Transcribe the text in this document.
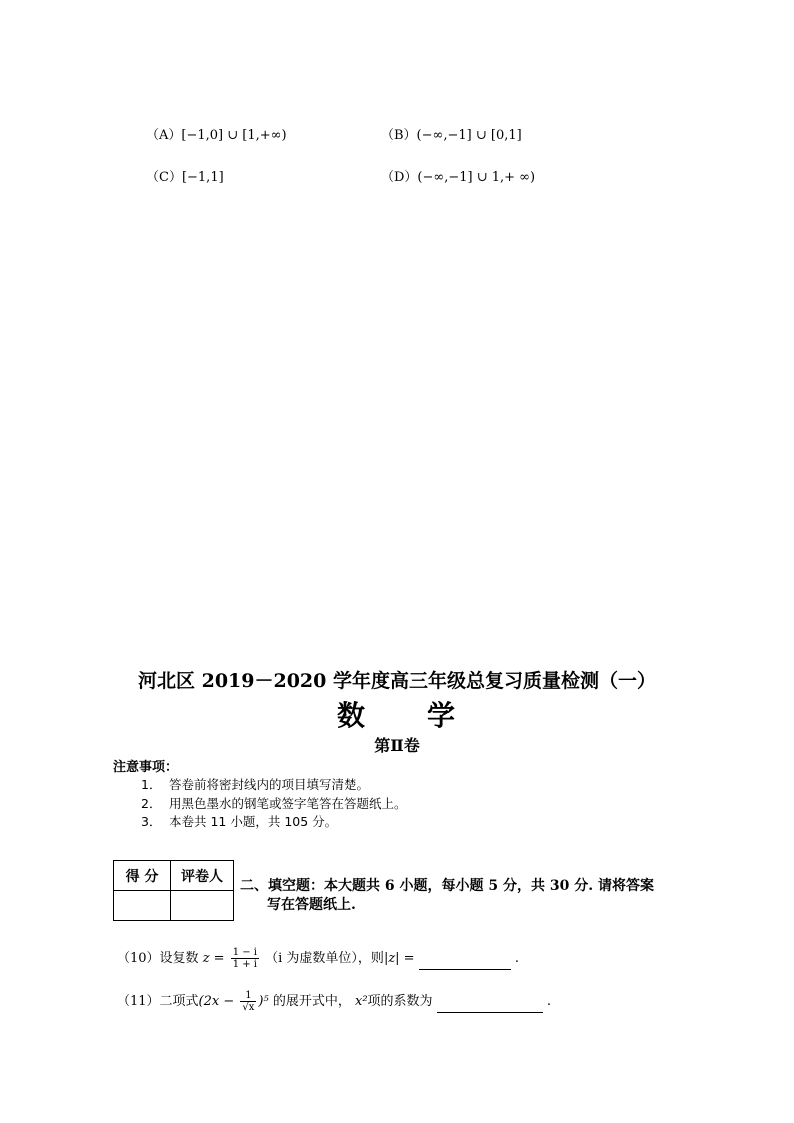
（A）[−1,0] ∪ [1,+∞)	（B）(−∞,−1] ∪ [0,1]
（C）[−1,1]	（D）(−∞,−1] ∪ 1,+ ∞)
河北区 2019－2020 学年度高三年级总复习质量检测（一）
数　　学
第Ⅱ卷
注意事项：
1． 答卷前将密封线内的项目填写清楚。
2． 用黑色墨水的钢笔或签字笔答在答题纸上。
3． 本卷共 11 小题，共 105 分。
得 分	评卷人

二、填空题：本大题共 6 小题，每小题 5 分，共 30 分. 请将答案
写在答题纸上.
（10）设复数 $z = \frac{1 - i}{1 + i} (i$ 为虚数单位），则|z| =	.
（11）二项式$(2x - \frac{1}{√x} )^5$ 的展开式中， x²项的系数为	.
